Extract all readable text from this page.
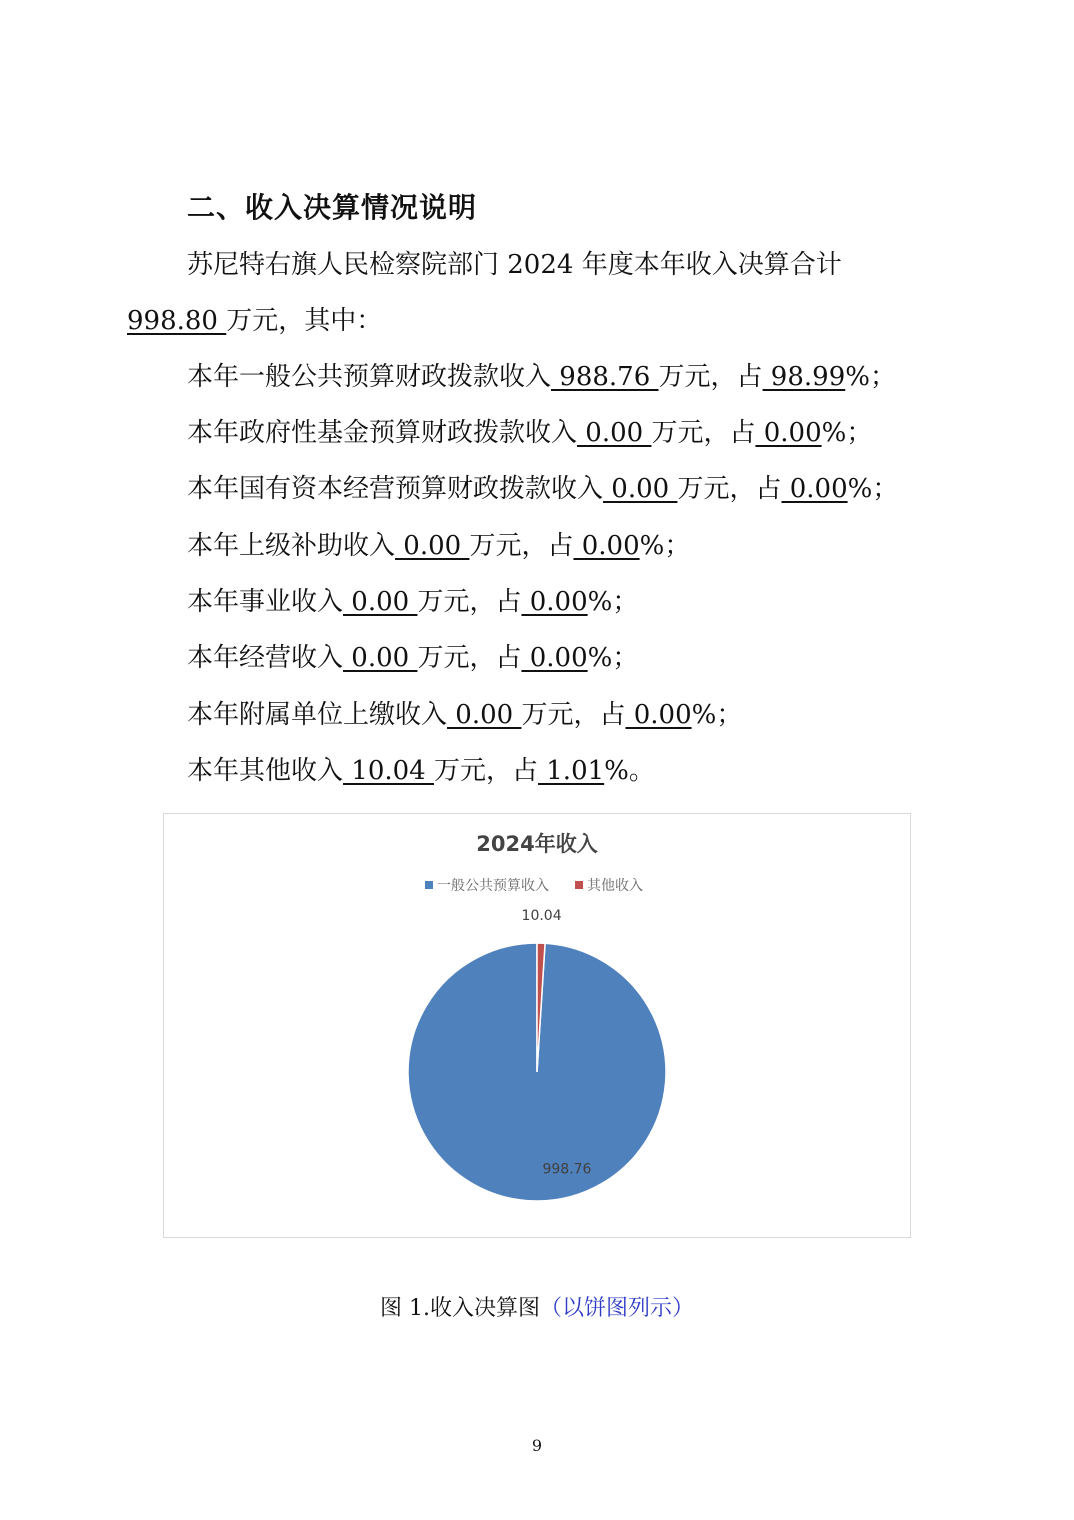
二、收入决算情况说明

苏尼特右旗人民检察院部门 2024 年度本年收入决算合计

998.80 万元，其中：

本年一般公共预算财政拨款收入 988.76 万元，占 98.99%；

本年政府性基金预算财政拨款收入 0.00 万元，占 0.00%；

本年国有资本经营预算财政拨款收入 0.00 万元，占 0.00%；

本年上级补助收入 0.00 万元，占 0.00%；

本年事业收入 0.00 万元，占 0.00%；

本年经营收入 0.00 万元，占 0.00%；

本年附属单位上缴收入 0.00 万元，占 0.00%；

本年其他收入 10.04 万元，占 1.01%。

2024年收入
一般公共预算收入	其他收入
998.76
10.04

图 1.收入决算图（以饼图列示）

9
